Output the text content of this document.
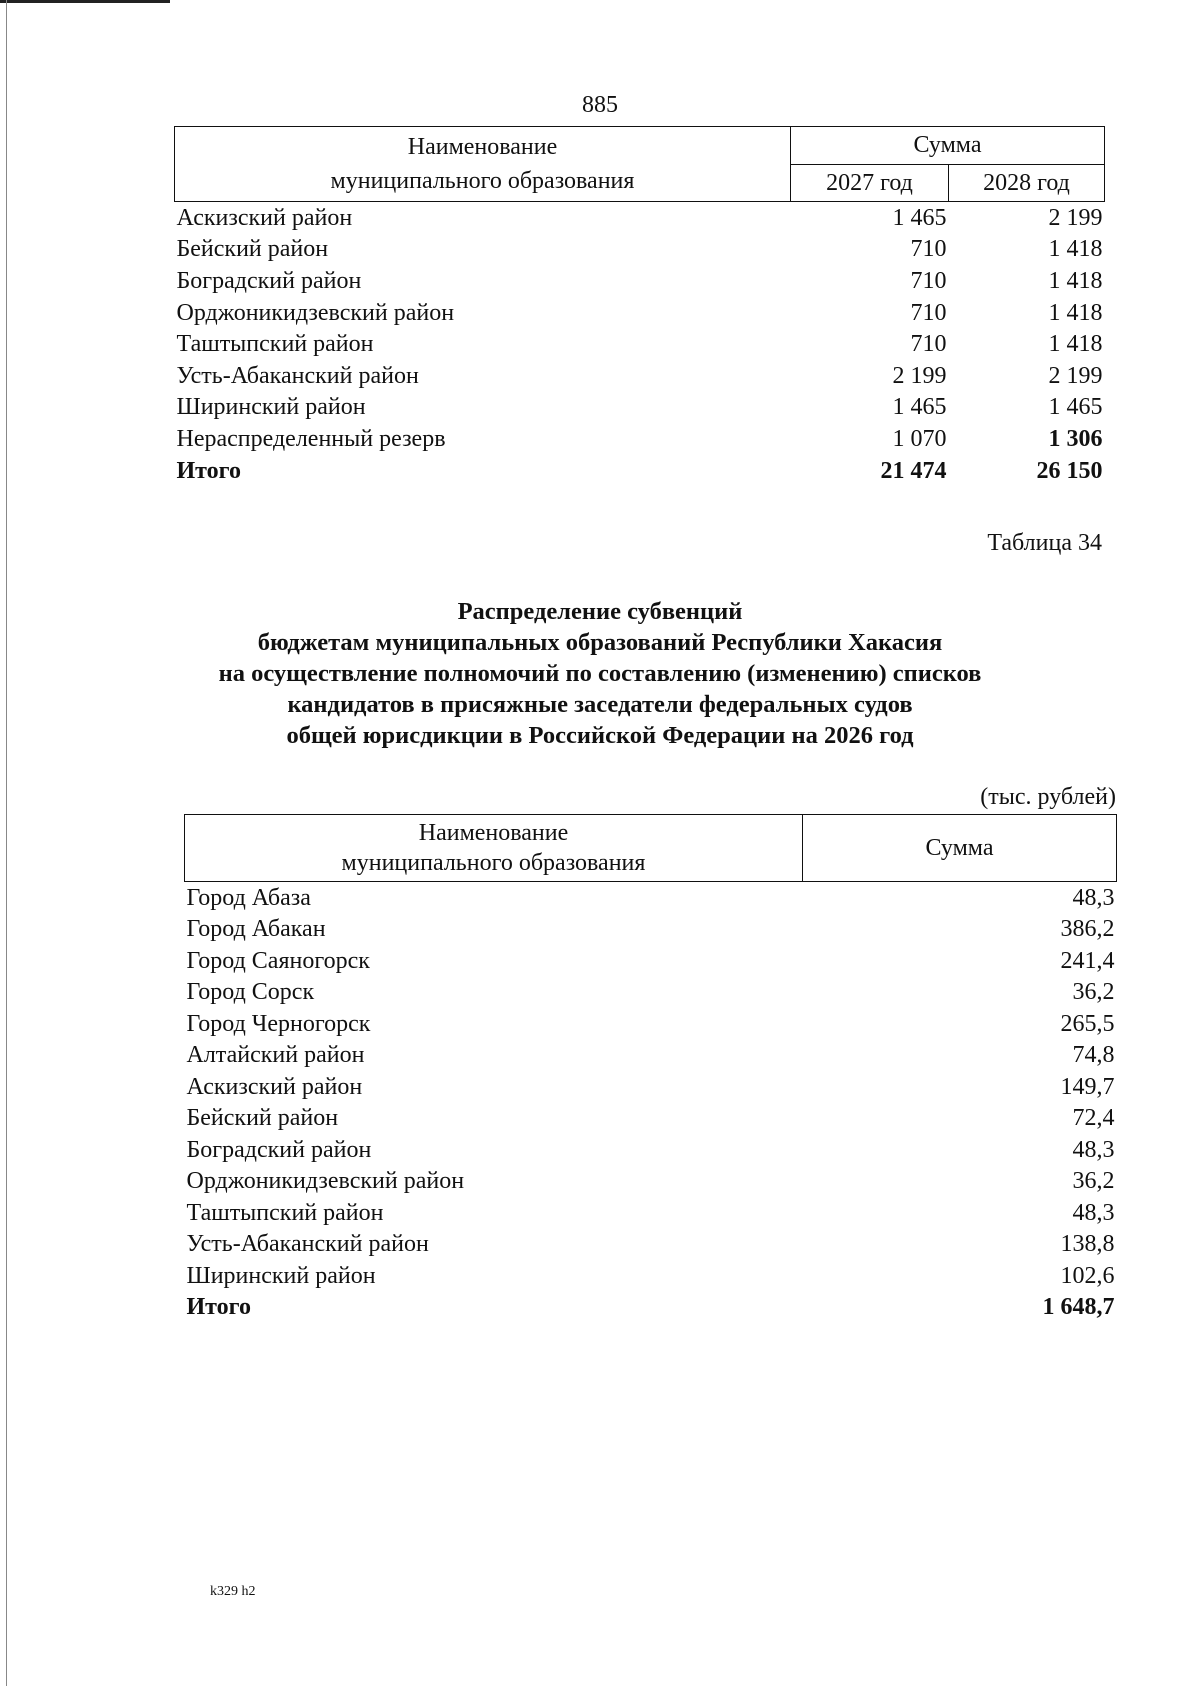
885
Наименование
муниципального образования	Сумма	
	2027 год	2028 год
Аскизский район	1 465	2 199
Бейский район	710	1 418
Боградский район	710	1 418
Орджоникидзевский район	710	1 418
Таштыпский район	710	1 418
Усть-Абаканский район	2 199	2 199
Ширинский район	1 465	1 465
Нераспределенный резерв	1 070	1 306
Итого	21 474	26 150
Таблица 34
Распределение субвенций
бюджетам муниципальных образований Республики Хакасия
на осуществление полномочий по составлению (изменению) списков
кандидатов в присяжные заседатели федеральных судов
общей юрисдикции в Российской Федерации на 2026 год
(тыс. рублей)
Наименование
муниципального образования	Сумма
Город Абаза	48,3
Город Абакан	386,2
Город Саяногорск	241,4
Город Сорск	36,2
Город Черногорск	265,5
Алтайский район	74,8
Аскизский район	149,7
Бейский район	72,4
Боградский район	48,3
Орджоникидзевский район	36,2
Таштыпский район	48,3
Усть-Абаканский район	138,8
Ширинский район	102,6
Итого	1 648,7
k329 h2
